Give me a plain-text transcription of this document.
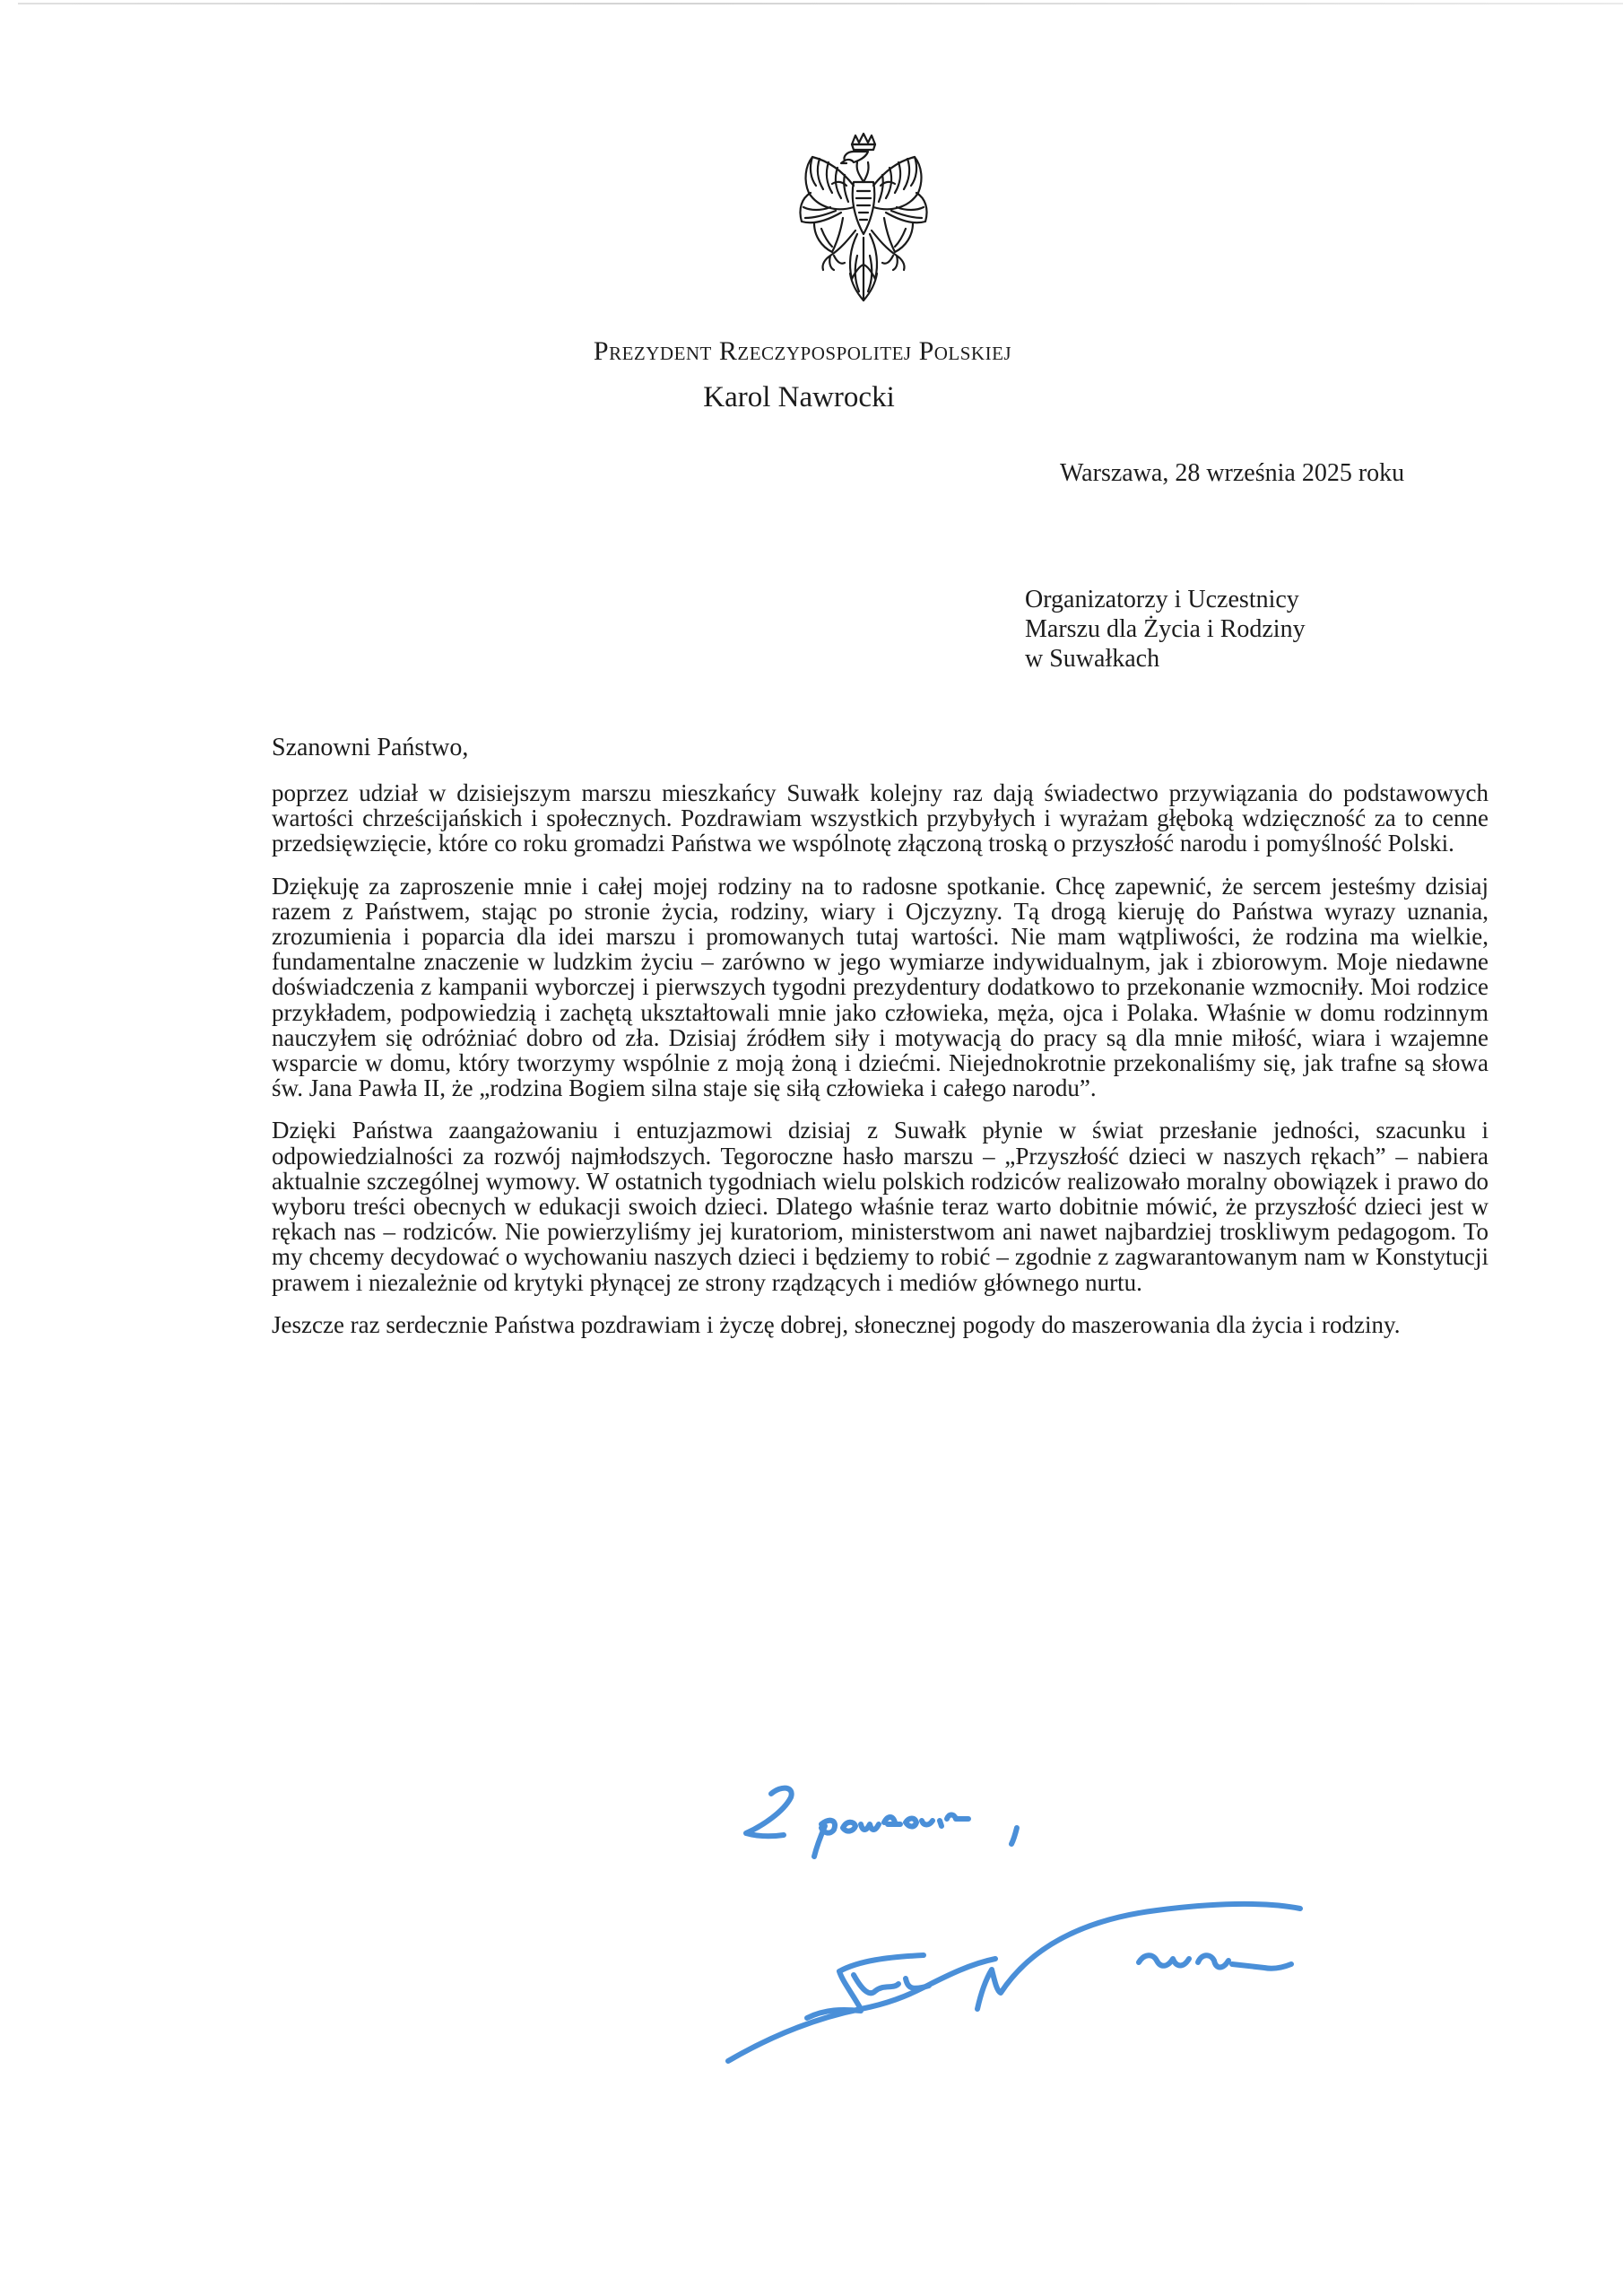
Prezydent Rzeczypospolitej Polskiej
Karol Nawrocki
Warszawa, 28 września 2025 roku
Organizatorzy i Uczestnicy
Marszu dla Życia i Rodziny
w Suwałkach
Szanowni Państwo,

poprzez udział w dzisiejszym marszu mieszkańcy Suwałk kolejny raz dają świadectwo przywiązania do podstawowych wartości chrześcijańskich i społecznych. Pozdrawiam wszystkich przybyłych i wyrażam głęboką wdzięczność za to cenne przedsięwzięcie, które co roku gromadzi Państwa we wspólnotę złączoną troską o przyszłość narodu i pomyślność Polski.

Dziękuję za zaproszenie mnie i całej mojej rodziny na to radosne spotkanie. Chcę zapewnić, że sercem jesteśmy dzisiaj razem z Państwem, stając po stronie życia, rodziny, wiary i Ojczyzny. Tą drogą kieruję do Państwa wyrazy uznania, zrozumienia i poparcia dla idei marszu i promowanych tutaj wartości. Nie mam wątpliwości, że rodzina ma wielkie, fundamentalne znaczenie w ludzkim życiu – zarówno w jego wymiarze indywidualnym, jak i zbiorowym. Moje niedawne doświadczenia z kampanii wyborczej i pierwszych tygodni prezydentury dodatkowo to przekonanie wzmocniły. Moi rodzice przykładem, podpowiedzią i zachętą ukształtowali mnie jako człowieka, męża, ojca i Polaka. Właśnie w domu rodzinnym nauczyłem się odróżniać dobro od zła. Dzisiaj źródłem siły i motywacją do pracy są dla mnie miłość, wiara i wzajemne wsparcie w domu, który tworzymy wspólnie z moją żoną i dziećmi. Niejednokrotnie przekonaliśmy się, jak trafne są słowa św. Jana Pawła II, że „rodzina Bogiem silna staje się siłą człowieka i całego narodu”.

Dzięki Państwa zaangażowaniu i entuzjazmowi dzisiaj z Suwałk płynie w świat przesłanie jedności, szacunku i odpowiedzialności za rozwój najmłodszych. Tegoroczne hasło marszu – „Przyszłość dzieci w naszych rękach” – nabiera aktualnie szczególnej wymowy. W ostatnich tygodniach wielu polskich rodziców realizowało moralny obowiązek i prawo do wyboru treści obecnych w edukacji swoich dzieci. Dlatego właśnie teraz warto dobitnie mówić, że przyszłość dzieci jest w rękach nas – rodziców. Nie powierzyliśmy jej kuratoriom, ministerstwom ani nawet najbardziej troskliwym pedagogom. To my chcemy decydować o wychowaniu naszych dzieci i będziemy to robić – zgodnie z zagwarantowanym nam w Konstytucji prawem i niezależnie od krytyki płynącej ze strony rządzących i mediów głównego nurtu.

Jeszcze raz serdecznie Państwa pozdrawiam i życzę dobrej, słonecznej pogody do maszerowania dla życia i rodziny.
